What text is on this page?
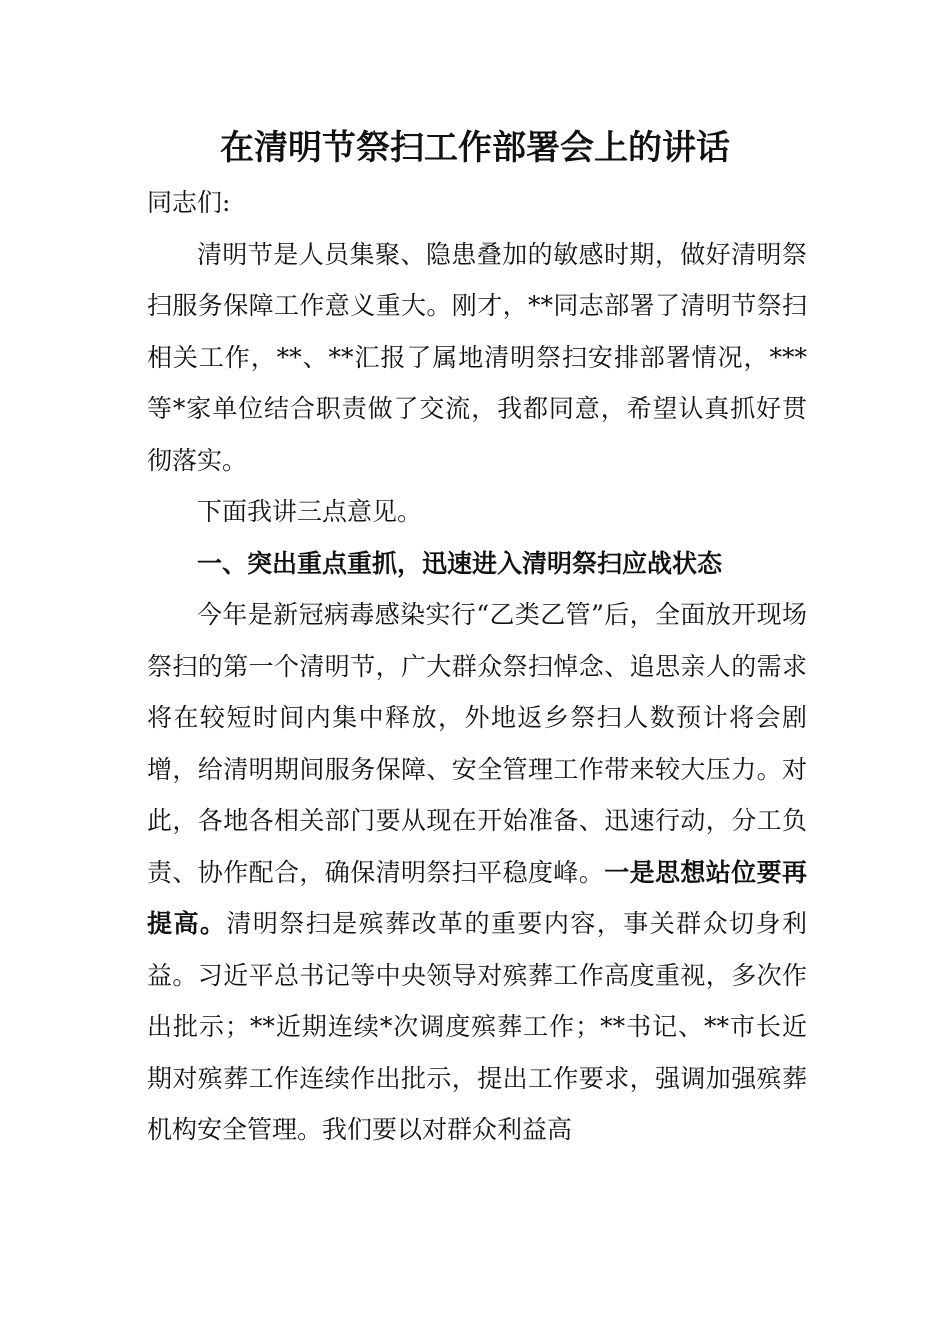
在清明节祭扫工作部署会上的讲话

同志们:

清明节是人员集聚、隐患叠加的敏感时期，做好清明祭扫服务保障工作意义重大。刚才，**同志部署了清明节祭扫相关工作，**、**汇报了属地清明祭扫安排部署情况，***等*家单位结合职责做了交流，我都同意，希望认真抓好贯彻落实。

下面我讲三点意见。

一、突出重点重抓，迅速进入清明祭扫应战状态

今年是新冠病毒感染实行“乙类乙管”后，全面放开现场祭扫的第一个清明节，广大群众祭扫悼念、追思亲人的需求将在较短时间内集中释放，外地返乡祭扫人数预计将会剧增，给清明期间服务保障、安全管理工作带来较大压力。对此，各地各相关部门要从现在开始准备、迅速行动，分工负责、协作配合，确保清明祭扫平稳度峰。一是思想站位要再提高。清明祭扫是殡葬改革的重要内容，事关群众切身利益。习近平总书记等中央领导对殡葬工作高度重视，多次作出批示；**近期连续*次调度殡葬工作；**书记、**市长近期对殡葬工作连续作出批示，提出工作要求，强调加强殡葬机构安全管理。我们要以对群众利益高
